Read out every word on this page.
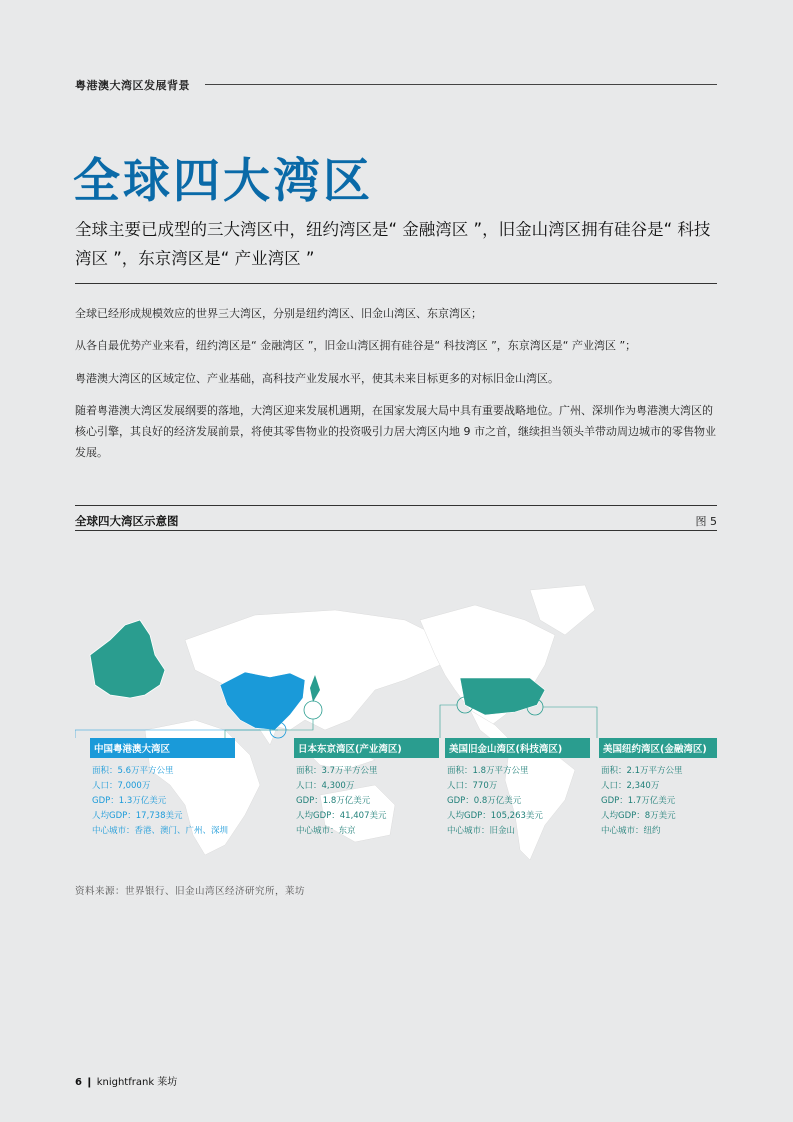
粤港澳大湾区发展背景
全球四大湾区
全球主要已成型的三大湾区中，纽约湾区是“ 金融湾区 ”，旧金山湾区拥有硅谷是“ 科技湾区 ”，东京湾区是“ 产业湾区 ”
全球已经形成规模效应的世界三大湾区，分别是纽约湾区、旧金山湾区、东京湾区；
从各自最优势产业来看，纽约湾区是“ 金融湾区 ”，旧金山湾区拥有硅谷是“ 科技湾区 ”，东京湾区是“ 产业湾区 ”；
粤港澳大湾区的区域定位、产业基础，高科技产业发展水平，使其未来目标更多的对标旧金山湾区。
随着粤港澳大湾区发展纲要的落地，大湾区迎来发展机遇期，在国家发展大局中具有重要战略地位。广州、深圳作为粤港澳大湾区的核心引擎，其良好的经济发展前景，将使其零售物业的投资吸引力居大湾区内地 9 市之首，继续担当领头羊带动周边城市的零售物业发展。
全球四大湾区示意图	图 5
中国粤港澳大湾区
面积：5.6万平方公里
人口：7,000万
GDP：1.3万亿美元
人均GDP：17,738美元
中心城市：香港、澳门、广州、深圳
日本东京湾区(产业湾区)
面积：3.7万平方公里
人口：4,300万
GDP：1.8万亿美元
人均GDP：41,407美元
中心城市：东京
美国旧金山湾区(科技湾区)
面积：1.8万平方公里
人口：770万
GDP：0.8万亿美元
人均GDP：105,263美元
中心城市：旧金山
美国纽约湾区(金融湾区)
面积：2.1万平方公里
人口：2,340万
GDP：1.7万亿美元
人均GDP：8万美元
中心城市：纽约
资料来源：世界银行、旧金山湾区经济研究所，莱坊
6 ❙ knightfrank 莱坊
